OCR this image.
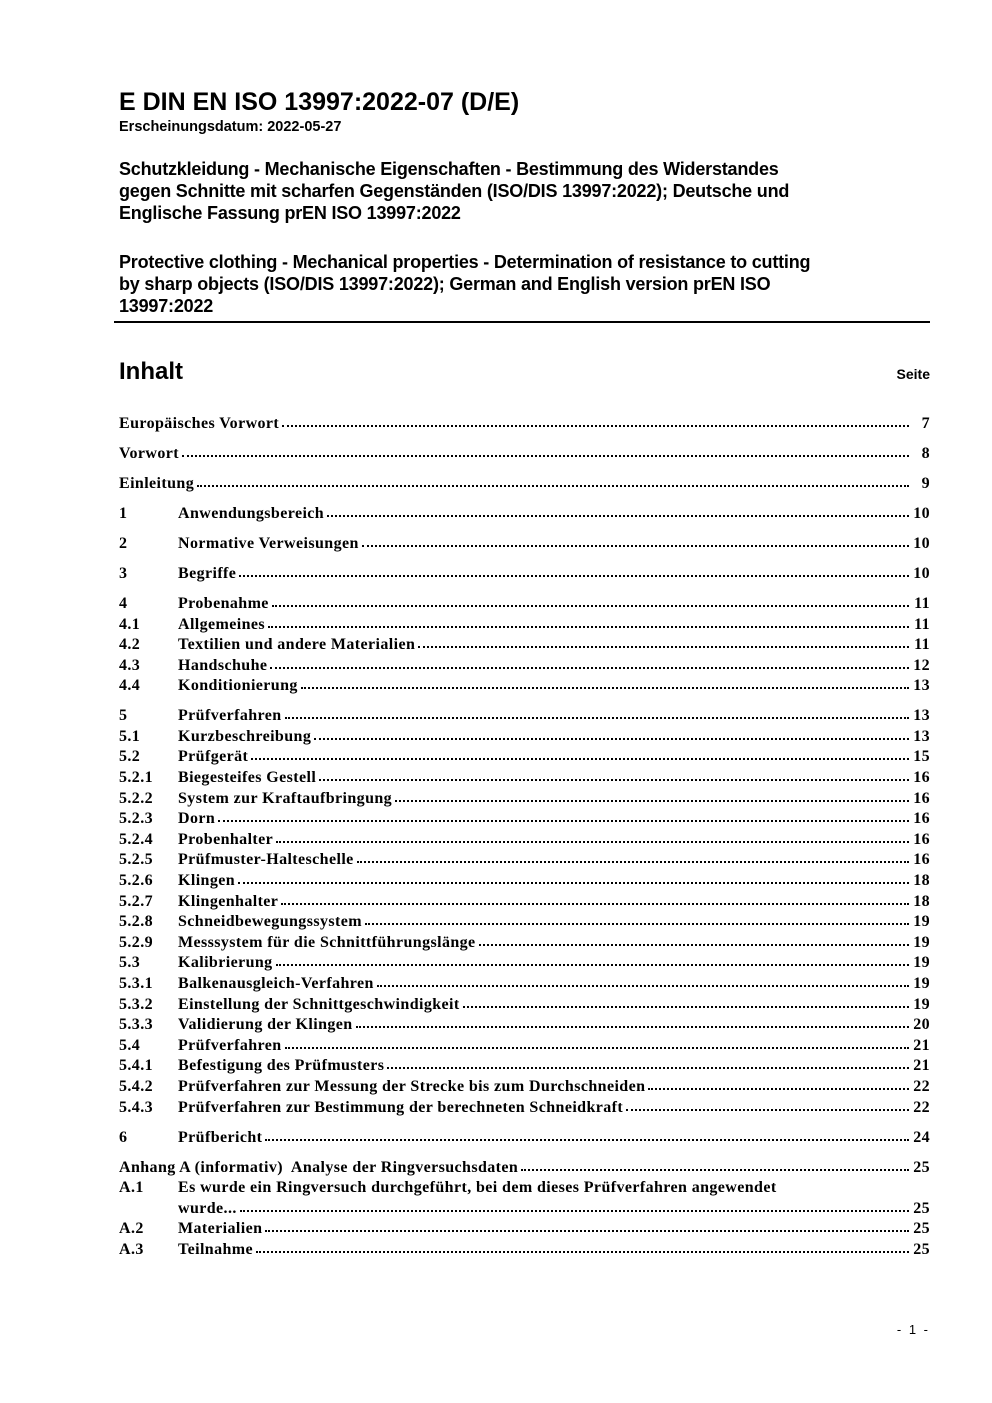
E DIN EN ISO 13997:2022-07 (D/E)
Erscheinungsdatum: 2022-05-27

Schutzkleidung - Mechanische Eigenschaften - Bestimmung des Widerstandes
gegen Schnitte mit scharfen Gegenständen (ISO/DIS 13997:2022); Deutsche und
Englische Fassung prEN ISO 13997:2022

Protective clothing - Mechanical properties - Determination of resistance to cutting
by sharp objects (ISO/DIS 13997:2022); German and English version prEN ISO
13997:2022

Inhalt	Seite
Europäisches Vorwort	7
Vorwort	8
Einleitung	9
1	Anwendungsbereich	10
2	Normative Verweisungen	10
3	Begriffe	10
4	Probenahme	11
4.1	Allgemeines	11
4.2	Textilien und andere Materialien	11
4.3	Handschuhe	12
4.4	Konditionierung	13
5	Prüfverfahren	13
5.1	Kurzbeschreibung	13
5.2	Prüfgerät	15
5.2.1	Biegesteifes Gestell	16
5.2.2	System zur Kraftaufbringung	16
5.2.3	Dorn	16
5.2.4	Probenhalter	16
5.2.5	Prüfmuster-Halteschelle	16
5.2.6	Klingen	18
5.2.7	Klingenhalter	18
5.2.8	Schneidbewegungssystem	19
5.2.9	Messsystem für die Schnittführungslänge	19
5.3	Kalibrierung	19
5.3.1	Balkenausgleich-Verfahren	19
5.3.2	Einstellung der Schnittgeschwindigkeit	19
5.3.3	Validierung der Klingen	20
5.4	Prüfverfahren	21
5.4.1	Befestigung des Prüfmusters	21
5.4.2	Prüfverfahren zur Messung der Strecke bis zum Durchschneiden	22
5.4.3	Prüfverfahren zur Bestimmung der berechneten Schneidkraft	22
6	Prüfbericht	24
Anhang A (informativ)  Analyse der Ringversuchsdaten	25
A.1	Es wurde ein Ringversuch durchgeführt, bei dem dieses Prüfverfahren angewendet
wurde...	25
A.2	Materialien	25
A.3	Teilnahme	25
- 1 -
